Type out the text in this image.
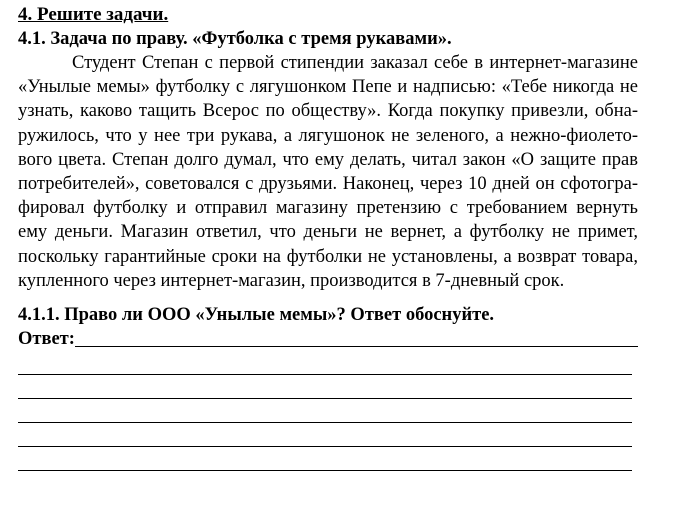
4. Решите задачи.

4.1. Задача по праву. «Футболка с тремя рукавами».

Студент Степан с первой стипендии заказал себе в интернет-магазине
«Унылые мемы» футболку с лягушонком Пепе и надписью: «Тебе никогда не
узнать, каково тащить Всерос по обществу». Когда покупку привезли, обна-
ружилось, что у нее три рукава, а лягушонок не зеленого, а нежно-фиолето-
вого цвета. Степан долго думал, что ему делать, читал закон «О защите прав
потребителей», советовался с друзьями. Наконец, через 10 дней он сфотогра-
фировал футболку и отправил магазину претензию с требованием вернуть
ему деньги. Магазин ответил, что деньги не вернет, а футболку не примет,
поскольку гарантийные сроки на футболки не установлены, а возврат товара,
купленного через интернет-магазин, производится в 7-дневный срок.

4.1.1. Право ли ООО «Унылые мемы»? Ответ обоснуйте.

Ответ:
